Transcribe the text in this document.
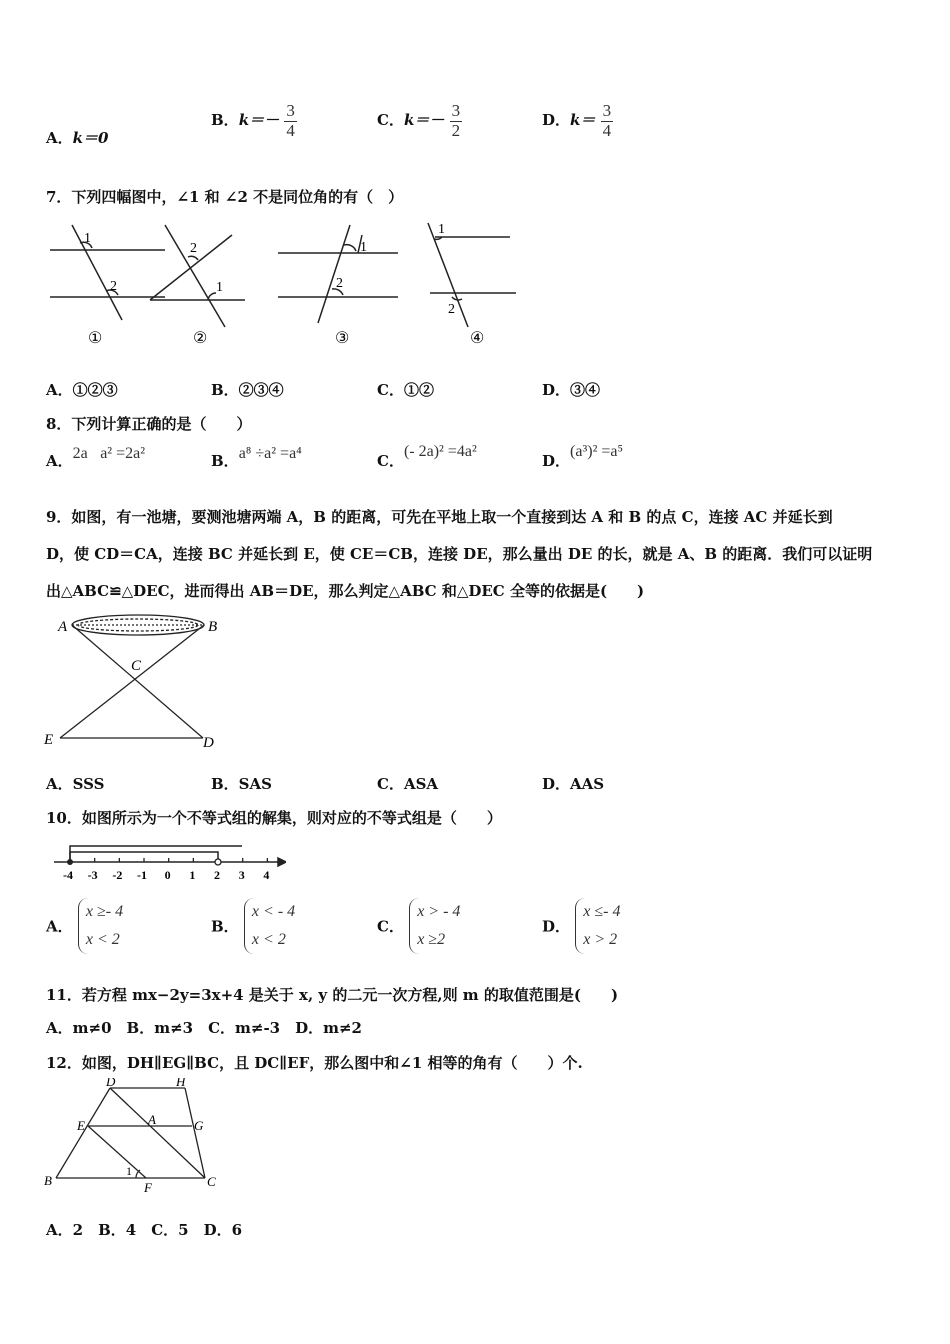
A．k＝0
B．$k=- \frac{3}{4}$	C．$k=- \frac{3}{2}$	D．$k= \frac{3}{4}$
7．下列四幅图中，∠1 和 ∠2 不是同位角的有（　）
1
2
①
2
1
②
1
2
③
1
2
④
A．①②③	B．②③④	C．①②	D．③④
8．下列计算正确的是（　　）
A．2a⃞a² =2a²	B．a⁸ ÷a² =a⁴	C．(- 2a)² =4a²
D．(a³)² =a⁵
9．如图，有一池塘，要测池塘两端 A，B 的距离，可先在平地上取一个直接到达 A 和 B 的点 C，连接 AC 并延长到
D，使 CD＝CA，连接 BC 并延长到 E，使 CE＝CB，连接 DE，那么量出 DE 的长，就是 A、B 的距离．我们可以证明
出△ABC≌△DEC，进而得出 AB＝DE，那么判定△ABC 和△DEC 全等的依据是(　　)
A	B
C
E	D
A．SSS	B．SAS	C．ASA	D．AAS
10．如图所示为一个不等式组的解集，则对应的不等式组是（　　）
-4 -3 -2 -1 0 1 2 3 4
A． x ≥- 4
x < 2
B． x < - 4
x < 2
C． x > - 4
x ≥2
D． x ≤- 4
x > 2
11．若方程 mx−2y=3x+4 是关于 x, y 的二元一次方程,则 m 的取值范围是(　　)
A．m≠0　B．m≠3　C．m≠-3　D．m≠2
12．如图，DH∥EG∥BC，且 DC∥EF，那么图中和∠1 相等的角有（　　）个.
D	H
E	A	G
B
1
F	C
A．2　B．4　C．5　D．6
